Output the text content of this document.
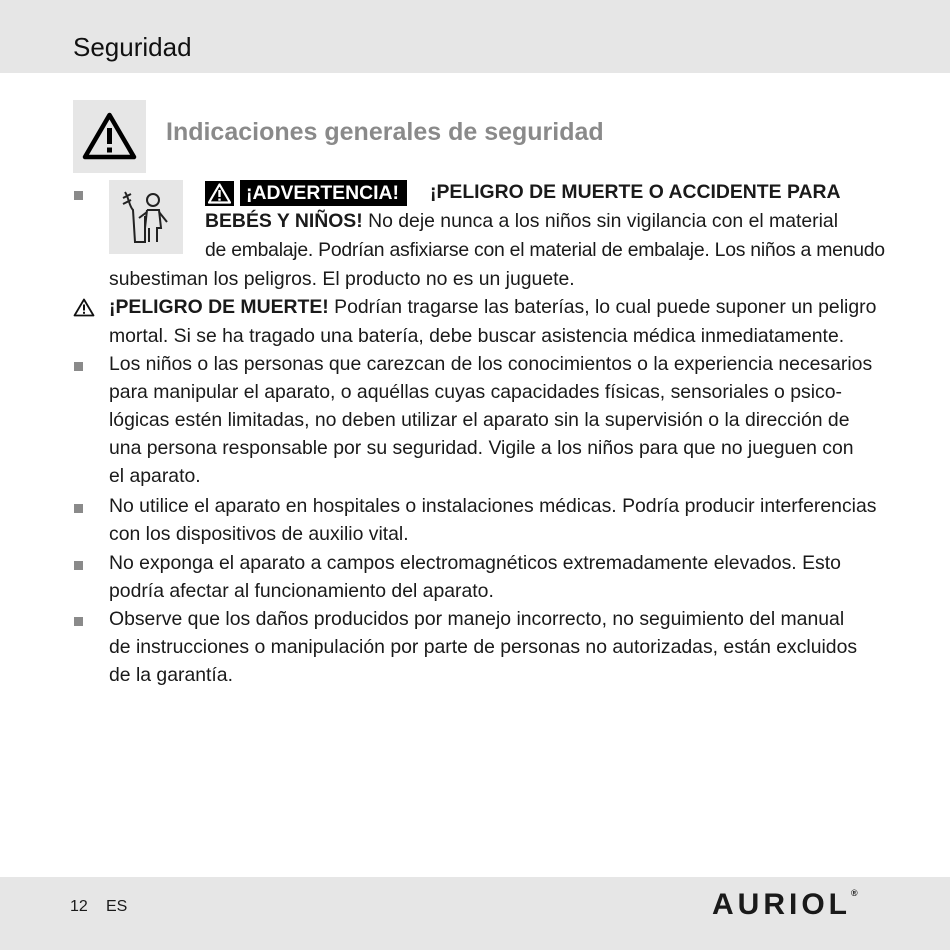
Seguridad
Indicaciones generales de seguridad
¡ADVERTENCIA!	¡PELIGRO DE MUERTE O ACCIDENTE PARA
BEBÉS Y NIÑOS! No deje nunca a los niños sin vigilancia con el material
de embalaje. Podrían asfixiarse con el material de embalaje. Los niños a menudo
subestiman los peligros. El producto no es un juguete.
¡PELIGRO DE MUERTE! Podrían tragarse las baterías, lo cual puede suponer un peligro
mortal. Si se ha tragado una batería, debe buscar asistencia médica inmediatamente.
Los niños o las personas que carezcan de los conocimientos o la experiencia necesarios
para manipular el aparato, o aquéllas cuyas capacidades físicas, sensoriales o psico-
lógicas estén limitadas, no deben utilizar el aparato sin la supervisión o la dirección de
una persona responsable por su seguridad. Vigile a los niños para que no jueguen con
el aparato.
No utilice el aparato en hospitales o instalaciones médicas. Podría producir interferencias
con los dispositivos de auxilio vital.
No exponga el aparato a campos electromagnéticos extremadamente elevados. Esto
podría afectar al funcionamiento del aparato.
Observe que los daños producidos por manejo incorrecto, no seguimiento del manual
de instrucciones o manipulación por parte de personas no autorizadas, están excluidos
de la garantía.
12 ES	AURIOL®
